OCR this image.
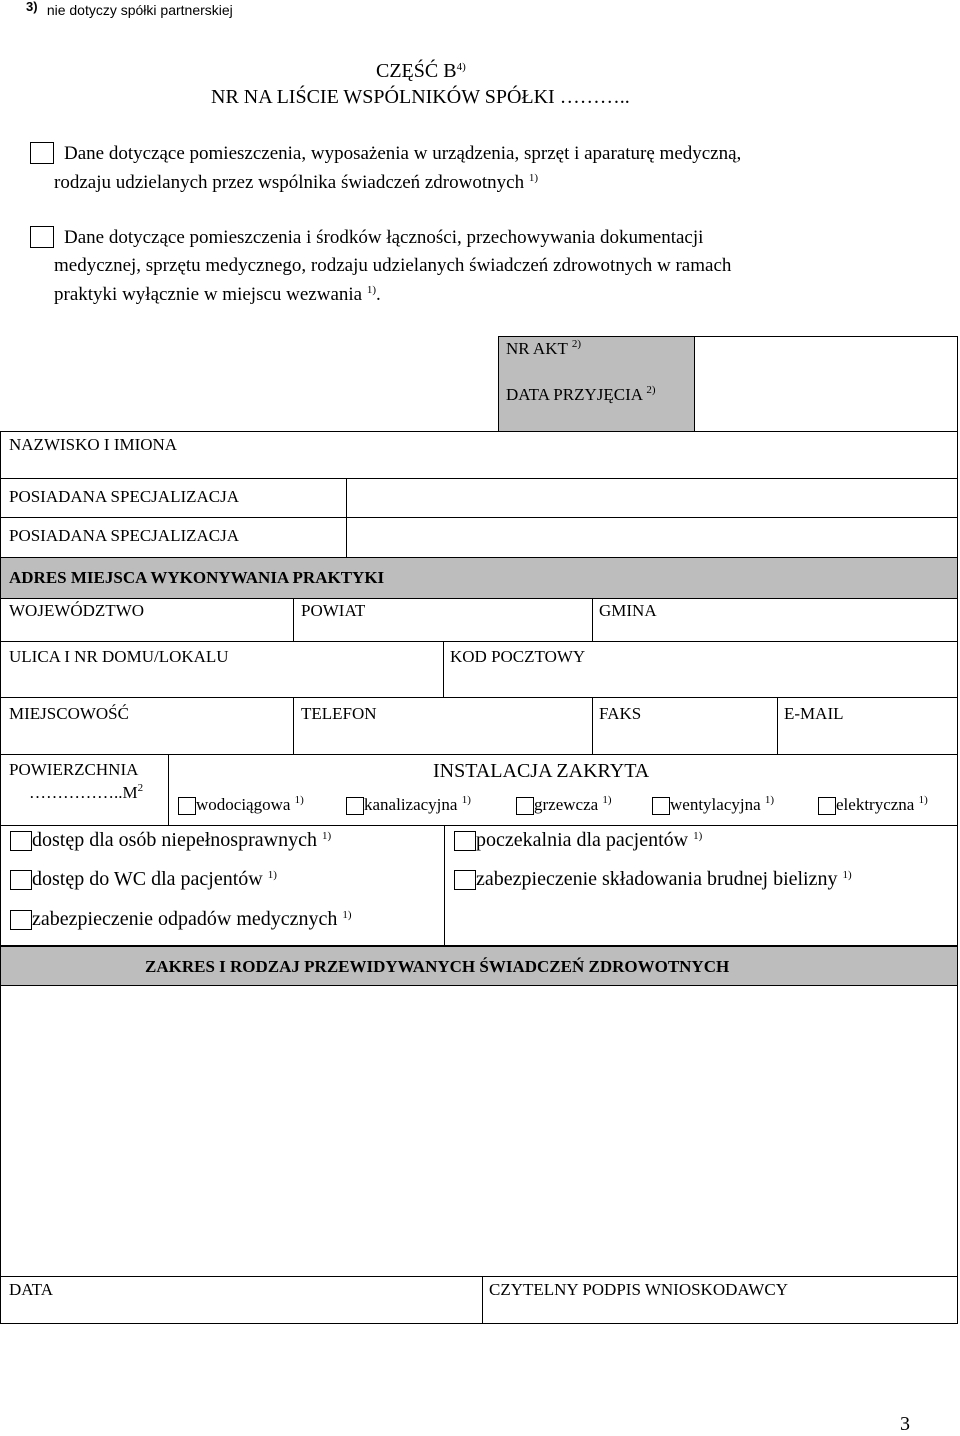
3) nie dotyczy spółki partnerskiej
CZĘŚĆ $B^{4)}$
NR NA LIŚCIE WSPÓLNIKÓW SPÓŁKI ………..
Dane dotyczące pomieszczenia, wyposażenia w urządzenia, sprzęt i aparaturę medyczną,
rodzaju udzielanych przez wspólnika świadczeń zdrowotnych $^{1)}$
Dane dotyczące pomieszczenia i środków łączności, przechowywania dokumentacji
medycznej, sprzętu medycznego, rodzaju udzielanych świadczeń zdrowotnych w ramach
praktyki wyłącznie w miejscu wezwania $^{1)}$.
NR AKT $^{2)}$
DATA PRZYJĘCIA $^{2)}$
NAZWISKO I IMIONA
POSIADANA SPECJALIZACJA
POSIADANA SPECJALIZACJA
ADRES MIEJSCA WYKONYWANIA PRAKTYKI
WOJEWÓDZTWO	POWIAT	GMINA
ULICA I NR DOMU/LOKALU	KOD POCZTOWY
MIEJSCOWOŚĆ	TELEFON	FAKS	E-MAIL
POWIERZCHNIA
$\dots\dots\dots\dots\dots..M^2$
INSTALACJA ZAKRYTA
wodociągowa $^{1)}$	kanalizacyjna $^{1)}$	grzewcza $^{1)}$	wentylacyjna $^{1)}$	elektryczna $^{1)}$
dostęp dla osób niepełnosprawnych $^{1)}$	poczekalnia dla pacjentów $^{1)}$
dostęp do WC dla pacjentów $^{1)}$	zabezpieczenie składowania brudnej bielizny $^{1)}$
zabezpieczenie odpadów medycznych $^{1)}$
ZAKRES I RODZAJ PRZEWIDYWANYCH ŚWIADCZEŃ ZDROWOTNYCH
DATA	CZYTELNY PODPIS WNIOSKODAWCY
3
